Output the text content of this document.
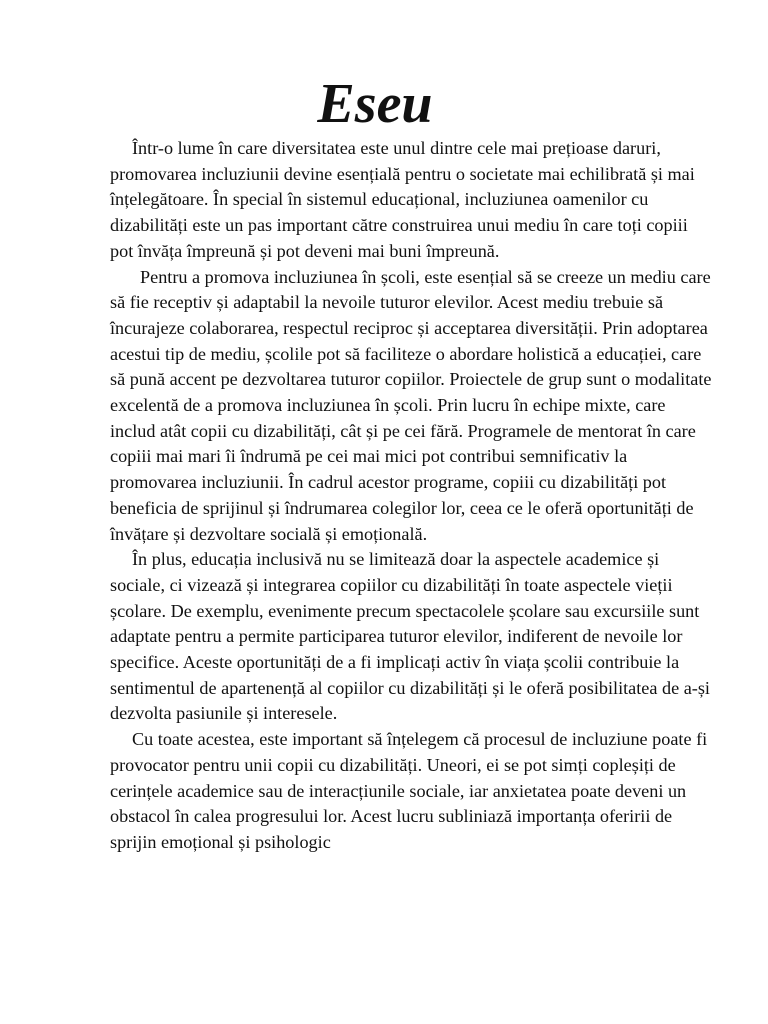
Eseu

Într-o lume în care diversitatea este unul dintre cele mai prețioase daruri, promovarea incluziunii devine esențială pentru o societate mai echilibrată și mai înțelegătoare. În special în sistemul educațional, incluziunea oamenilor cu dizabilități este un pas important către construirea unui mediu în care toți copiii pot învăța împreună și pot deveni mai buni împreună.

Pentru a promova incluziunea în școli, este esențial să se creeze un mediu care să fie receptiv și adaptabil la nevoile tuturor elevilor. Acest mediu trebuie să încurajeze colaborarea, respectul reciproc și acceptarea diversității. Prin adoptarea acestui tip de mediu, școlile pot să faciliteze o abordare holistică a educației, care să pună accent pe dezvoltarea tuturor copiilor. Proiectele de grup sunt o modalitate excelentă de a promova incluziunea în școli. Prin lucru în echipe mixte, care includ atât copii cu dizabilități, cât și pe cei fără. Programele de mentorat în care copiii mai mari îi îndrumă pe cei mai mici pot contribui semnificativ la promovarea incluziunii. În cadrul acestor programe, copiii cu dizabilități pot beneficia de sprijinul și îndrumarea colegilor lor, ceea ce le oferă oportunități de învățare și dezvoltare socială și emoțională.

În plus, educația inclusivă nu se limitează doar la aspectele academice și sociale, ci vizează și integrarea copiilor cu dizabilități în toate aspectele vieții școlare. De exemplu, evenimente precum spectacolele școlare sau excursiile sunt adaptate pentru a permite participarea tuturor elevilor, indiferent de nevoile lor specifice. Aceste oportunități de a fi implicați activ în viața școlii contribuie la sentimentul de apartenență al copiilor cu dizabilități și le oferă posibilitatea de a-și dezvolta pasiunile și interesele.

Cu toate acestea, este important să înțelegem că procesul de incluziune poate fi provocator pentru unii copii cu dizabilități. Uneori, ei se pot simți copleșiți de cerințele academice sau de interacțiunile sociale, iar anxietatea poate deveni un obstacol în calea progresului lor. Acest lucru subliniază importanța oferirii de sprijin emoțional și psihologic
